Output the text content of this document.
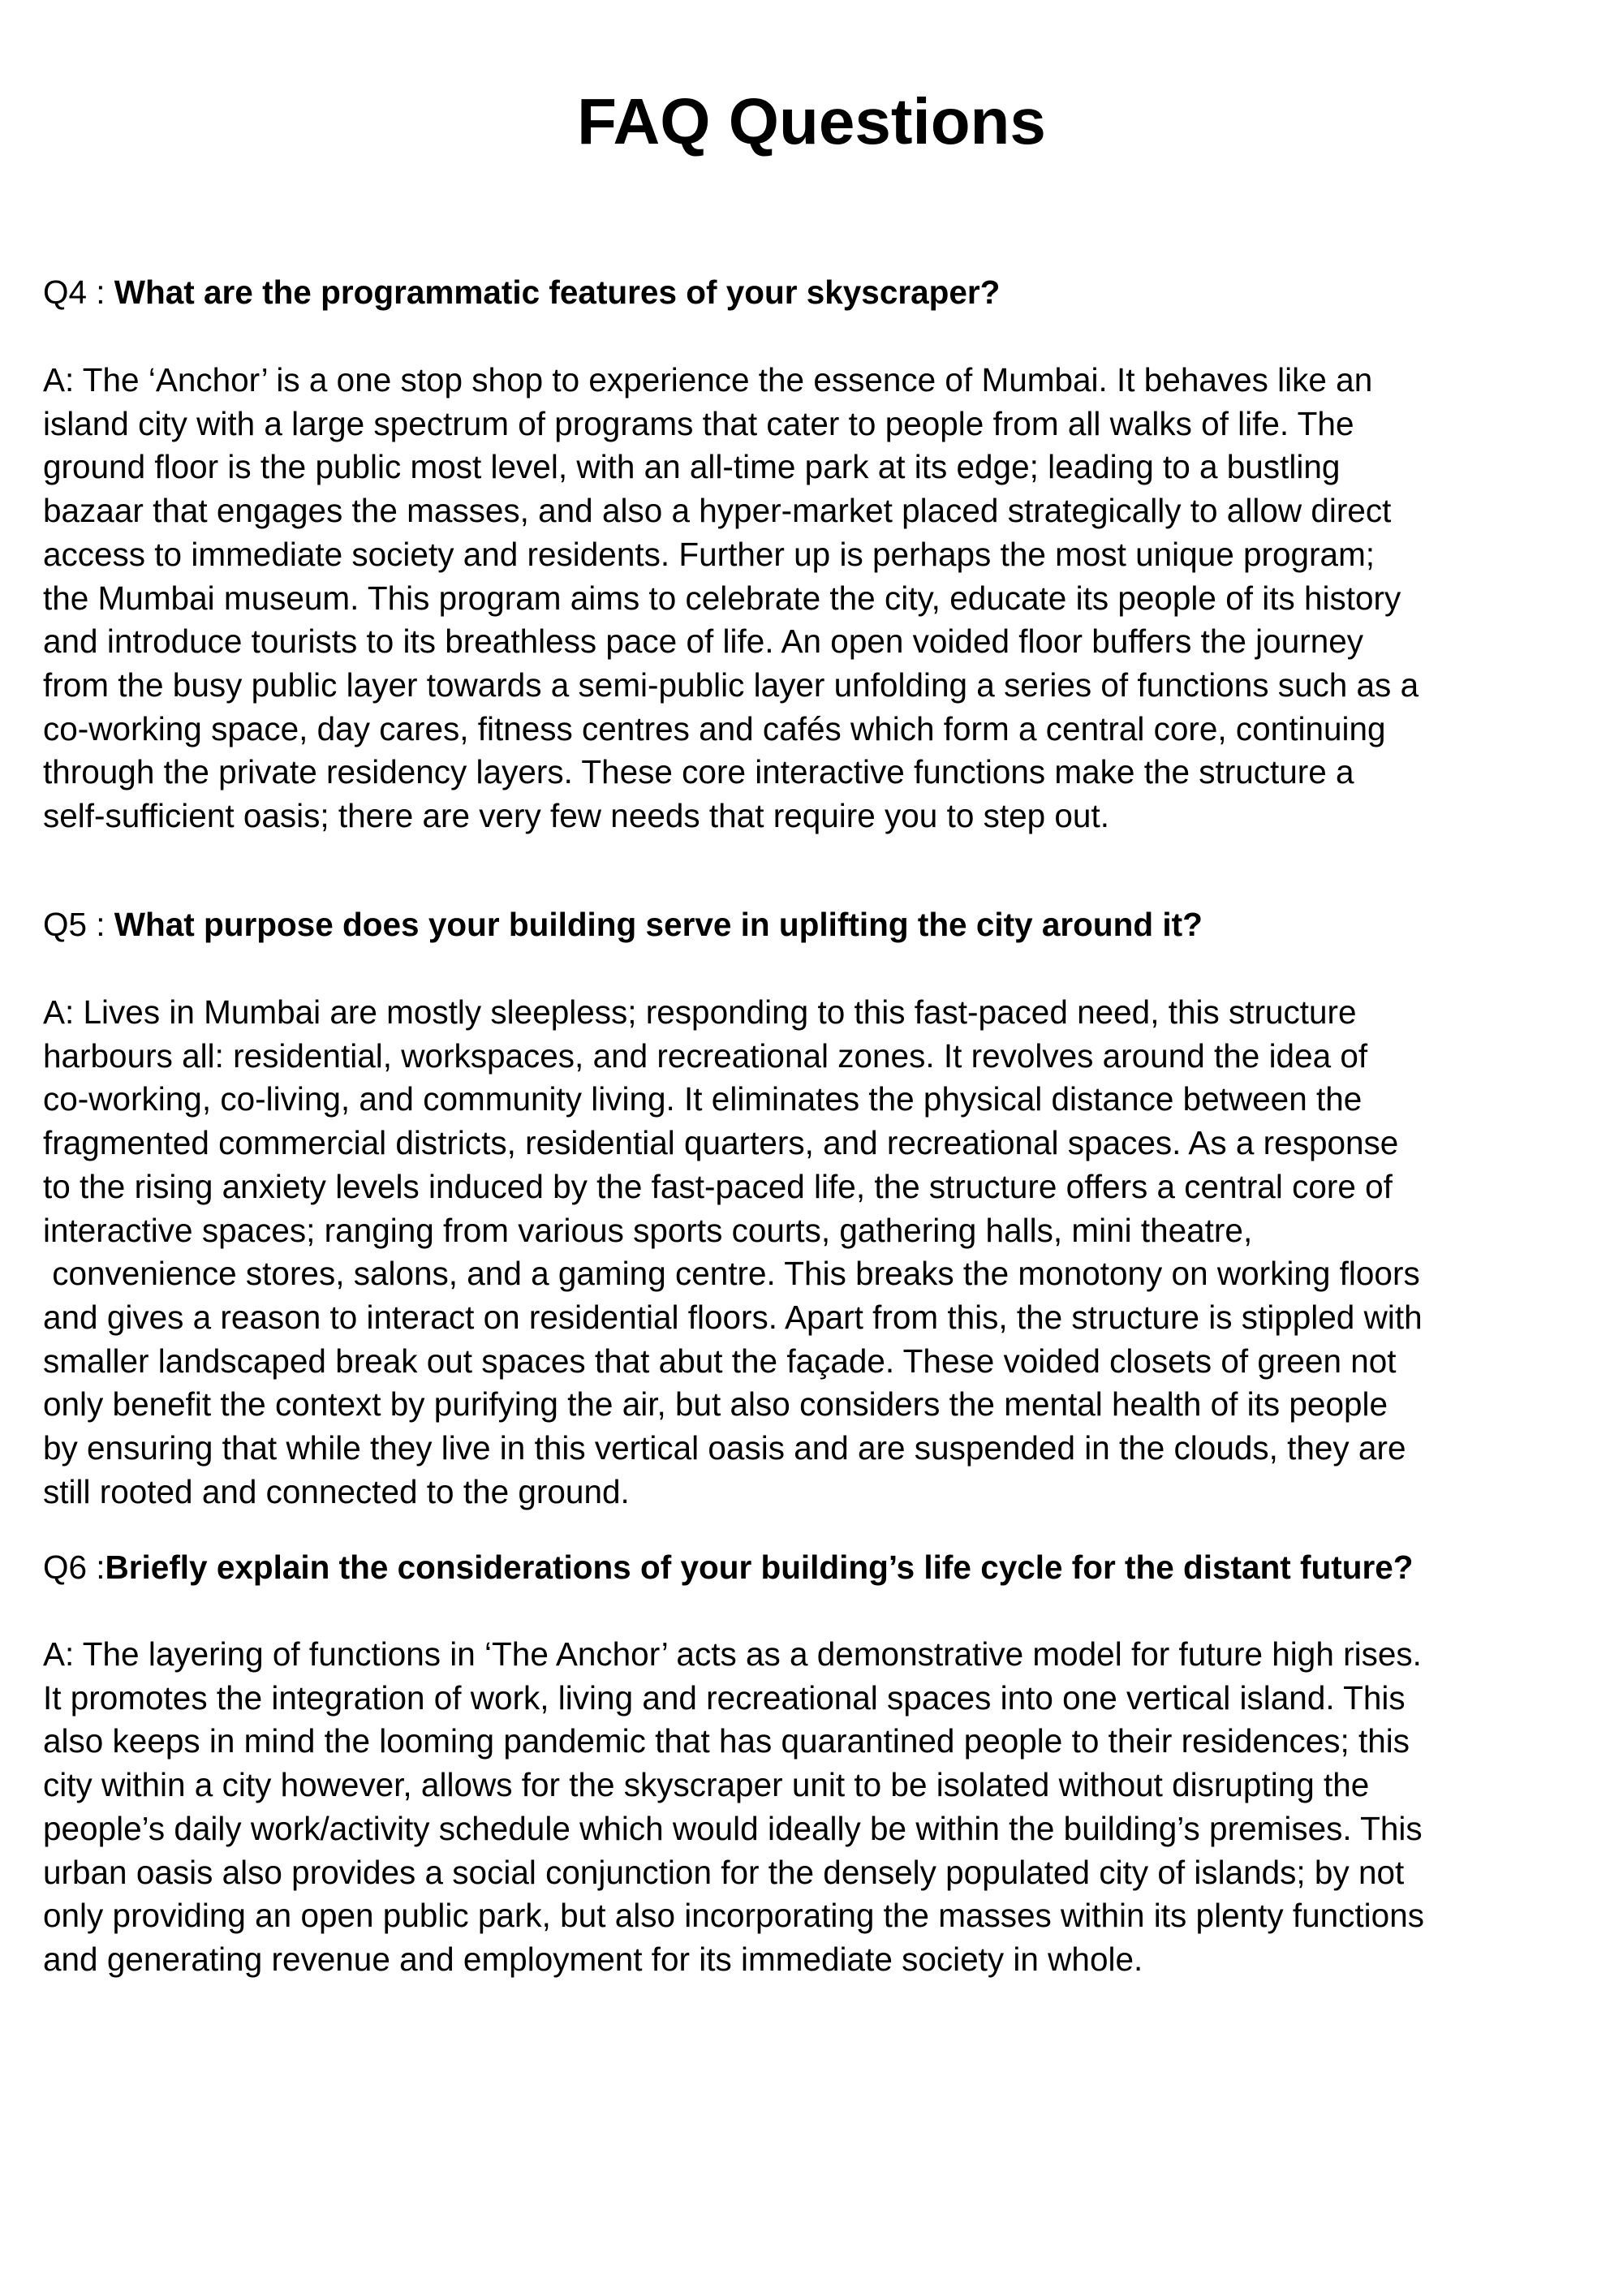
FAQ Questions

Q4 : What are the programmatic features of your skyscraper?

A: The ‘Anchor’ is a one stop shop to experience the essence of Mumbai. It behaves like an
island city with a large spectrum of programs that cater to people from all walks of life. The
ground floor is the public most level, with an all-time park at its edge; leading to a bustling
bazaar that engages the masses, and also a hyper-market placed strategically to allow direct
access to immediate society and residents. Further up is perhaps the most unique program;
the Mumbai museum. This program aims to celebrate the city, educate its people of its history
and introduce tourists to its breathless pace of life. An open voided floor buffers the journey
from the busy public layer towards a semi-public layer unfolding a series of functions such as a
co-working space, day cares, fitness centres and cafés which form a central core, continuing
through the private residency layers. These core interactive functions make the structure a
self-sufficient oasis; there are very few needs that require you to step out.

Q5 : What purpose does your building serve in uplifting the city around it?

A: Lives in Mumbai are mostly sleepless; responding to this fast-paced need, this structure
harbours all: residential, workspaces, and recreational zones. It revolves around the idea of
co-working, co-living, and community living. It eliminates the physical distance between the
fragmented commercial districts, residential quarters, and recreational spaces. As a response
to the rising anxiety levels induced by the fast-paced life, the structure offers a central core of
interactive spaces; ranging from various sports courts, gathering halls, mini theatre,
convenience stores, salons, and a gaming centre. This breaks the monotony on working floors
and gives a reason to interact on residential floors. Apart from this, the structure is stippled with
smaller landscaped break out spaces that abut the façade. These voided closets of green not
only benefit the context by purifying the air, but also considers the mental health of its people
by ensuring that while they live in this vertical oasis and are suspended in the clouds, they are
still rooted and connected to the ground.

Q6 :Briefly explain the considerations of your building’s life cycle for the distant future?

A: The layering of functions in ‘The Anchor’ acts as a demonstrative model for future high rises.
It promotes the integration of work, living and recreational spaces into one vertical island. This
also keeps in mind the looming pandemic that has quarantined people to their residences; this
city within a city however, allows for the skyscraper unit to be isolated without disrupting the
people’s daily work/activity schedule which would ideally be within the building’s premises. This
urban oasis also provides a social conjunction for the densely populated city of islands; by not
only providing an open public park, but also incorporating the masses within its plenty functions
and generating revenue and employment for its immediate society in whole.
